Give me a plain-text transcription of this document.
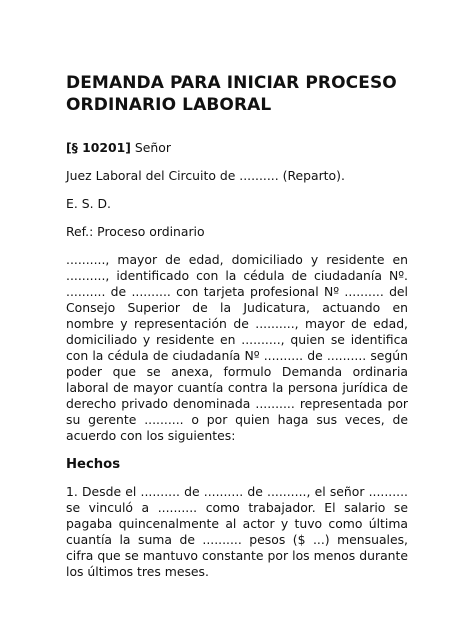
DEMANDA PARA INICIAR PROCESO
ORDINARIO LABORAL
[§ 10201] Señor
Juez Laboral del Circuito de .......... (Reparto).
E. S. D.
Ref.: Proceso ordinario
.........., mayor de edad, domiciliado y residente en .........., identificado con la cédula de ciudadanía Nº. .......... de .......... con tarjeta profesional Nº .......... del Consejo Superior de la Judicatura, actuando en nombre y representación de .........., mayor de edad, domiciliado y residente en .........., quien se identifica con la cédula de ciudadanía Nº .......... de .......... según poder que se anexa, formulo Demanda ordinaria laboral de mayor cuantía contra la persona jurídica de derecho privado denominada .......... representada por su gerente .......... o por quien haga sus veces, de acuerdo con los siguientes:
Hechos
1. Desde el .......... de .......... de .........., el señor .......... se vinculó a .......... como trabajador. El salario se pagaba quincenalmente al actor y tuvo como última cuantía la suma de .......... pesos ($ ...) mensuales, cifra que se mantuvo constante por los menos durante los últimos tres meses.
